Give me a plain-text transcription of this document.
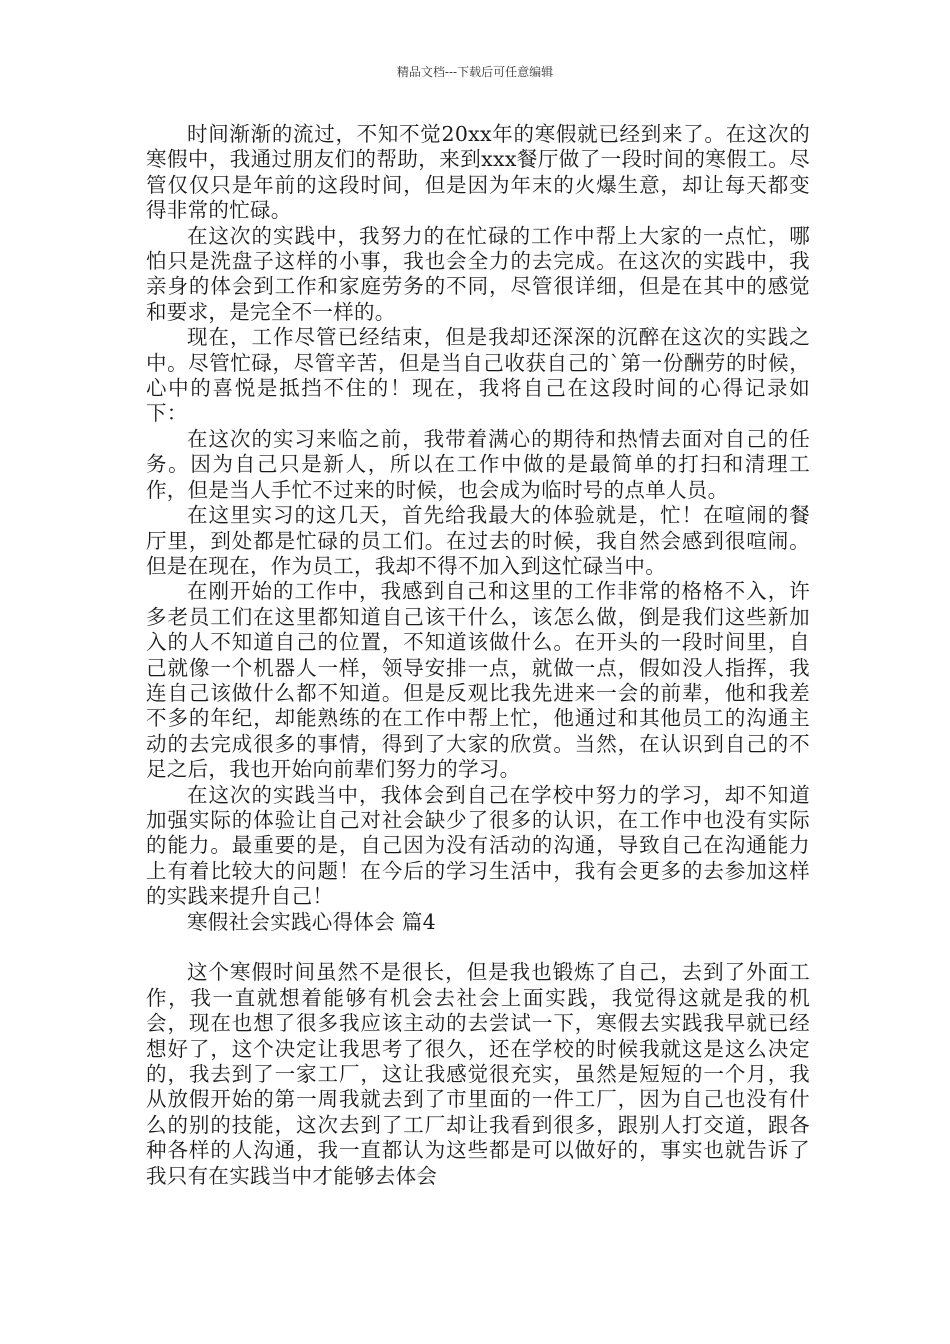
精品文档---下载后可任意编辑

时间渐渐的流过，不知不觉20xx年的寒假就已经到来了。在这次的寒假中，我通过朋友们的帮助，来到xxx餐厅做了一段时间的寒假工。尽管仅仅只是年前的这段时间，但是因为年末的火爆生意，却让每天都变得非常的忙碌。

在这次的实践中，我努力的在忙碌的工作中帮上大家的一点忙，哪怕只是洗盘子这样的小事，我也会全力的去完成。在这次的实践中，我亲身的体会到工作和家庭劳务的不同，尽管很详细，但是在其中的感觉和要求，是完全不一样的。

现在，工作尽管已经结束，但是我却还深深的沉醉在这次的实践之中。尽管忙碌，尽管辛苦，但是当自己收获自己的`第一份酬劳的时候，心中的喜悦是抵挡不住的！现在，我将自己在这段时间的心得记录如下：

在这次的实习来临之前，我带着满心的期待和热情去面对自己的任务。因为自己只是新人，所以在工作中做的是最简单的打扫和清理工作，但是当人手忙不过来的时候，也会成为临时号的点单人员。

在这里实习的这几天，首先给我最大的体验就是，忙！在喧闹的餐厅里，到处都是忙碌的员工们。在过去的时候，我自然会感到很喧闹。但是在现在，作为员工，我却不得不加入到这忙碌当中。

在刚开始的工作中，我感到自己和这里的工作非常的格格不入，许多老员工们在这里都知道自己该干什么，该怎么做，倒是我们这些新加入的人不知道自己的位置，不知道该做什么。在开头的一段时间里，自己就像一个机器人一样，领导安排一点，就做一点，假如没人指挥，我连自己该做什么都不知道。但是反观比我先进来一会的前辈，他和我差不多的年纪，却能熟练的在工作中帮上忙，他通过和其他员工的沟通主动的去完成很多的事情，得到了大家的欣赏。当然，在认识到自己的不足之后，我也开始向前辈们努力的学习。

在这次的实践当中，我体会到自己在学校中努力的学习，却不知道加强实际的体验让自己对社会缺少了很多的认识，在工作中也没有实际的能力。最重要的是，自己因为没有活动的沟通，导致自己在沟通能力上有着比较大的问题！在今后的学习生活中，我有会更多的去参加这样的实践来提升自己！

寒假社会实践心得体会 篇4

这个寒假时间虽然不是很长，但是我也锻炼了自己，去到了外面工作，我一直就想着能够有机会去社会上面实践，我觉得这就是我的机会，现在也想了很多我应该主动的去尝试一下，寒假去实践我早就已经想好了，这个决定让我思考了很久，还在学校的时候我就这是这么决定的，我去到了一家工厂，这让我感觉很充实，虽然是短短的一个月，我从放假开始的第一周我就去到了市里面的一件工厂，因为自己也没有什么的别的技能，这次去到了工厂却让我看到很多，跟别人打交道，跟各种各样的人沟通，我一直都认为这些都是可以做好的，事实也就告诉了我只有在实践当中才能够去体会
